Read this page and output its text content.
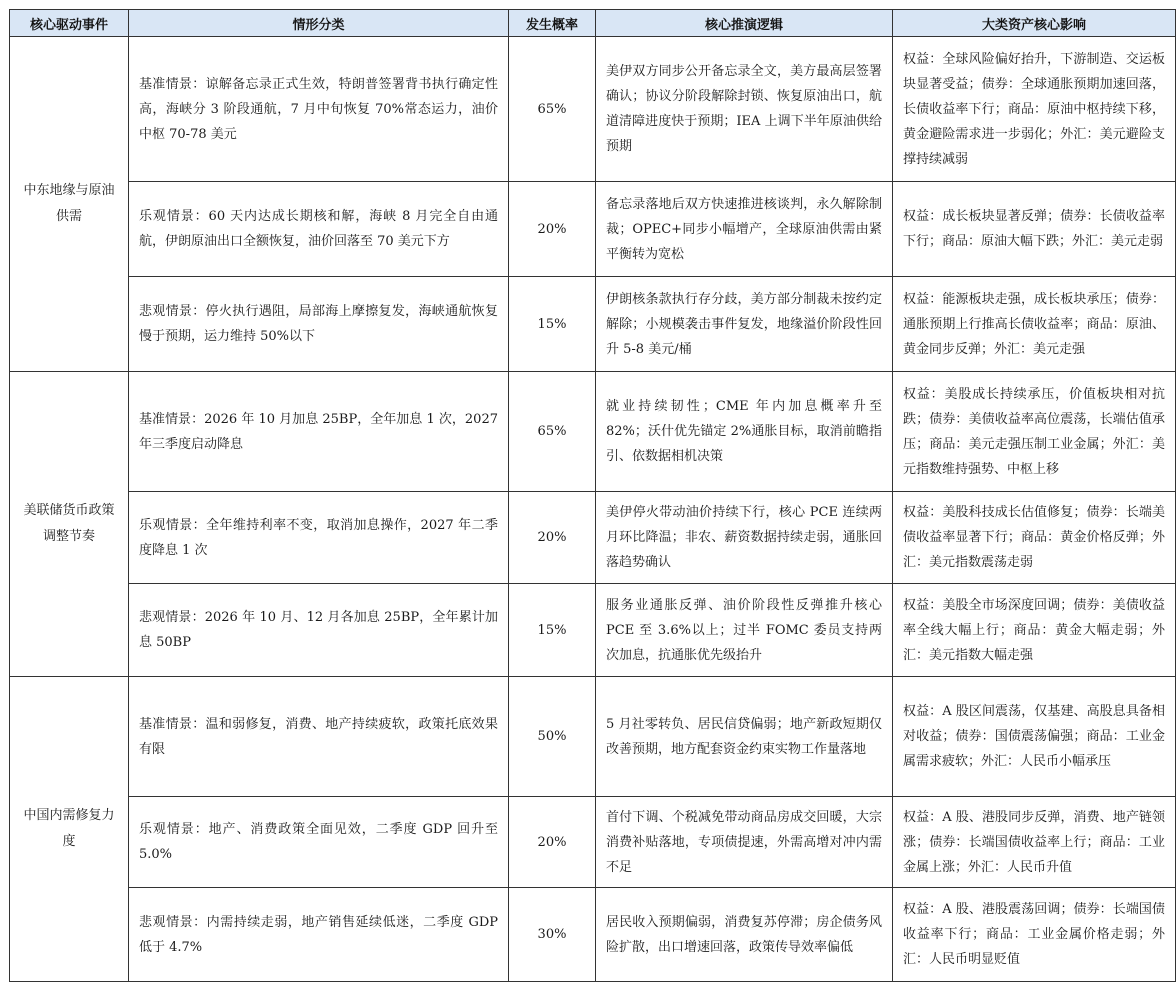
核心驱动事件	情形分类	发生概率	核心推演逻辑	大类资产核心影响
中东地缘与原油供需	基准情景：谅解备忘录正式生效，特朗普签署背书执行确定性高，海峡分 3 阶段通航，7 月中旬恢复 70%常态运力，油价中枢 70-78 美元	65%	美伊双方同步公开备忘录全文，美方最高层签署确认；协议分阶段解除封锁、恢复原油出口，航道清障进度快于预期；IEA 上调下半年原油供给预期	权益：全球风险偏好抬升，下游制造、交运板块显著受益；债券：全球通胀预期加速回落，长债收益率下行；商品：原油中枢持续下移，黄金避险需求进一步弱化；外汇：美元避险支撑持续减弱
	乐观情景：60 天内达成长期核和解，海峡 8 月完全自由通航，伊朗原油出口全额恢复，油价回落至 70 美元下方	20%	备忘录落地后双方快速推进核谈判，永久解除制裁；OPEC+同步小幅增产，全球原油供需由紧平衡转为宽松	权益：成长板块显著反弹；债券：长债收益率下行；商品：原油大幅下跌；外汇：美元走弱
	悲观情景：停火执行遇阻，局部海上摩擦复发，海峡通航恢复慢于预期，运力维持 50%以下	15%	伊朗核条款执行存分歧，美方部分制裁未按约定解除；小规模袭击事件复发，地缘溢价阶段性回升 5-8 美元/桶	权益：能源板块走强，成长板块承压；债券：通胀预期上行推高长债收益率；商品：原油、黄金同步反弹；外汇：美元走强
美联储货币政策调整节奏	基准情景：2026 年 10 月加息 25BP，全年加息 1 次，2027 年三季度启动降息	65%	就业持续韧性；CME 年内加息概率升至 82%；沃什优先锚定 2%通胀目标，取消前瞻指引、依数据相机决策	权益：美股成长持续承压，价值板块相对抗跌；债券：美债收益率高位震荡，长端估值承压；商品：美元走强压制工业金属；外汇：美元指数维持强势、中枢上移
	乐观情景：全年维持利率不变，取消加息操作，2027 年二季度降息 1 次	20%	美伊停火带动油价持续下行，核心 PCE 连续两月环比降温；非农、薪资数据持续走弱，通胀回落趋势确认	权益：美股科技成长估值修复；债券：长端美债收益率显著下行；商品：黄金价格反弹；外汇：美元指数震荡走弱
	悲观情景：2026 年 10 月、12 月各加息 25BP，全年累计加息 50BP	15%	服务业通胀反弹、油价阶段性反弹推升核心 PCE 至 3.6%以上；过半 FOMC 委员支持两次加息，抗通胀优先级抬升	权益：美股全市场深度回调；债券：美债收益率全线大幅上行；商品：黄金大幅走弱；外汇：美元指数大幅走强
中国内需修复力度	基准情景：温和弱修复，消费、地产持续疲软，政策托底效果有限	50%	5 月社零转负、居民信贷偏弱；地产新政短期仅改善预期，地方配套资金约束实物工作量落地	权益：A 股区间震荡，仅基建、高股息具备相对收益；债券：国债震荡偏强；商品：工业金属需求疲软；外汇：人民币小幅承压
	乐观情景：地产、消费政策全面见效，二季度 GDP 回升至 5.0%	20%	首付下调、个税减免带动商品房成交回暖，大宗消费补贴落地，专项债提速，外需高增对冲内需不足	权益：A 股、港股同步反弹，消费、地产链领涨；债券：长端国债收益率上行；商品：工业金属上涨；外汇：人民币升值
	悲观情景：内需持续走弱，地产销售延续低迷，二季度 GDP 低于 4.7%	30%	居民收入预期偏弱，消费复苏停滞；房企债务风险扩散，出口增速回落，政策传导效率偏低	权益：A 股、港股震荡回调；债券：长端国债收益率下行；商品：工业金属价格走弱；外汇：人民币明显贬值
